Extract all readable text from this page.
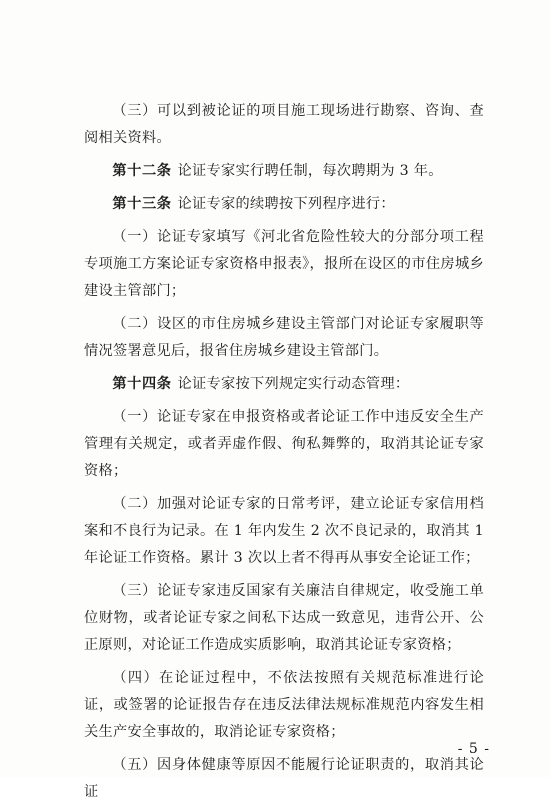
（三）可以到被论证的项目施工现场进行勘察、咨询、查阅相关资料。

第十二条 论证专家实行聘任制，每次聘期为 3 年。

第十三条 论证专家的续聘按下列程序进行：

（一）论证专家填写《河北省危险性较大的分部分项工程专项施工方案论证专家资格申报表》，报所在设区的市住房城乡建设主管部门；

（二）设区的市住房城乡建设主管部门对论证专家履职等情况签署意见后，报省住房城乡建设主管部门。

第十四条 论证专家按下列规定实行动态管理：

（一）论证专家在申报资格或者论证工作中违反安全生产管理有关规定，或者弄虚作假、徇私舞弊的，取消其论证专家资格；

（二）加强对论证专家的日常考评，建立论证专家信用档案和不良行为记录。在 1 年内发生 2 次不良记录的，取消其 1 年论证工作资格。累计 3 次以上者不得再从事安全论证工作；

（三）论证专家违反国家有关廉洁自律规定，收受施工单位财物，或者论证专家之间私下达成一致意见，违背公开、公正原则，对论证工作造成实质影响，取消其论证专家资格；

（四）在论证过程中，不依法按照有关规范标准进行论证，或签署的论证报告存在违反法律法规标准规范内容发生相关生产安全事故的，取消论证专家资格；

（五）因身体健康等原因不能履行论证职责的，取消其论证

- 5 -
